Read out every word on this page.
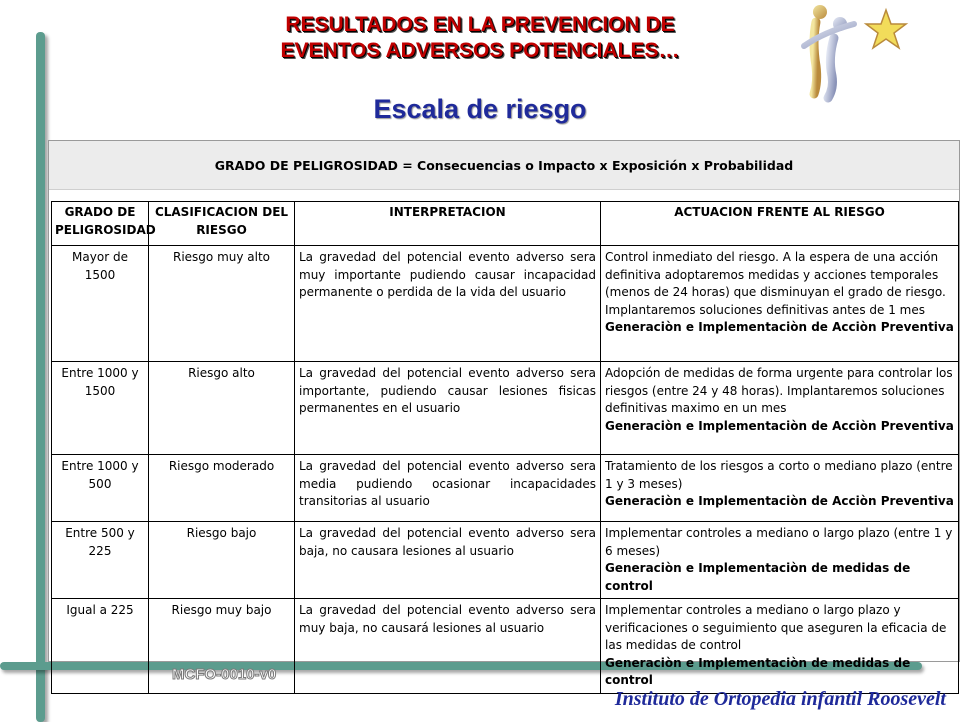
RESULTADOS EN LA PREVENCION DE
EVENTOS ADVERSOS POTENCIALES…
Escala de riesgo
GRADO DE PELIGROSIDAD = Consecuencias o Impacto x Exposición x Probabilidad
GRADO DE PELIGROSIDAD	CLASIFICACION DEL RIESGO	INTERPRETACION	ACTUACION FRENTE AL RIESGO
Mayor de 1500	Riesgo muy alto	La gravedad del potencial evento adverso sera muy importante pudiendo causar incapacidad permanente o perdida de la vida del usuario	Control inmediato del riesgo. A la espera de una acción definitiva adoptaremos medidas y acciones temporales (menos de 24 horas) que disminuyan el grado de riesgo. Implantaremos soluciones definitivas antes de 1 mes
Generaciòn e Implementaciòn de Acciòn Preventiva

Entre 1000 y 1500	Riesgo alto	La gravedad del potencial evento adverso sera importante, pudiendo causar lesiones fisicas permanentes en el usuario	Adopción de medidas de forma urgente para controlar los riesgos (entre 24 y 48 horas). Implantaremos soluciones definitivas maximo en un mes
Generaciòn e Implementaciòn de Acciòn Preventiva

Entre 1000 y 500	Riesgo moderado	La gravedad del potencial evento adverso sera media pudiendo ocasionar incapacidades transitorias al usuario	Tratamiento de los riesgos a corto o mediano plazo (entre 1 y 3 meses)
Generaciòn e Implementaciòn de Acciòn Preventiva

Entre 500 y 225	Riesgo bajo	La gravedad del potencial evento adverso sera baja, no causara lesiones al usuario	Implementar controles a mediano o largo plazo (entre 1 y 6 meses)
Generaciòn e Implementaciòn de medidas de control

Igual a 225	Riesgo muy bajo	La gravedad del potencial evento adverso sera muy baja, no causará lesiones al usuario	Implementar controles a mediano o largo plazo y verificaciones o seguimiento que aseguren la eficacia de las medidas de control
Generaciòn e Implementaciòn de medidas de control
MCFO-0010-v0
Instituto de Ortopedia infantil Roosevelt
